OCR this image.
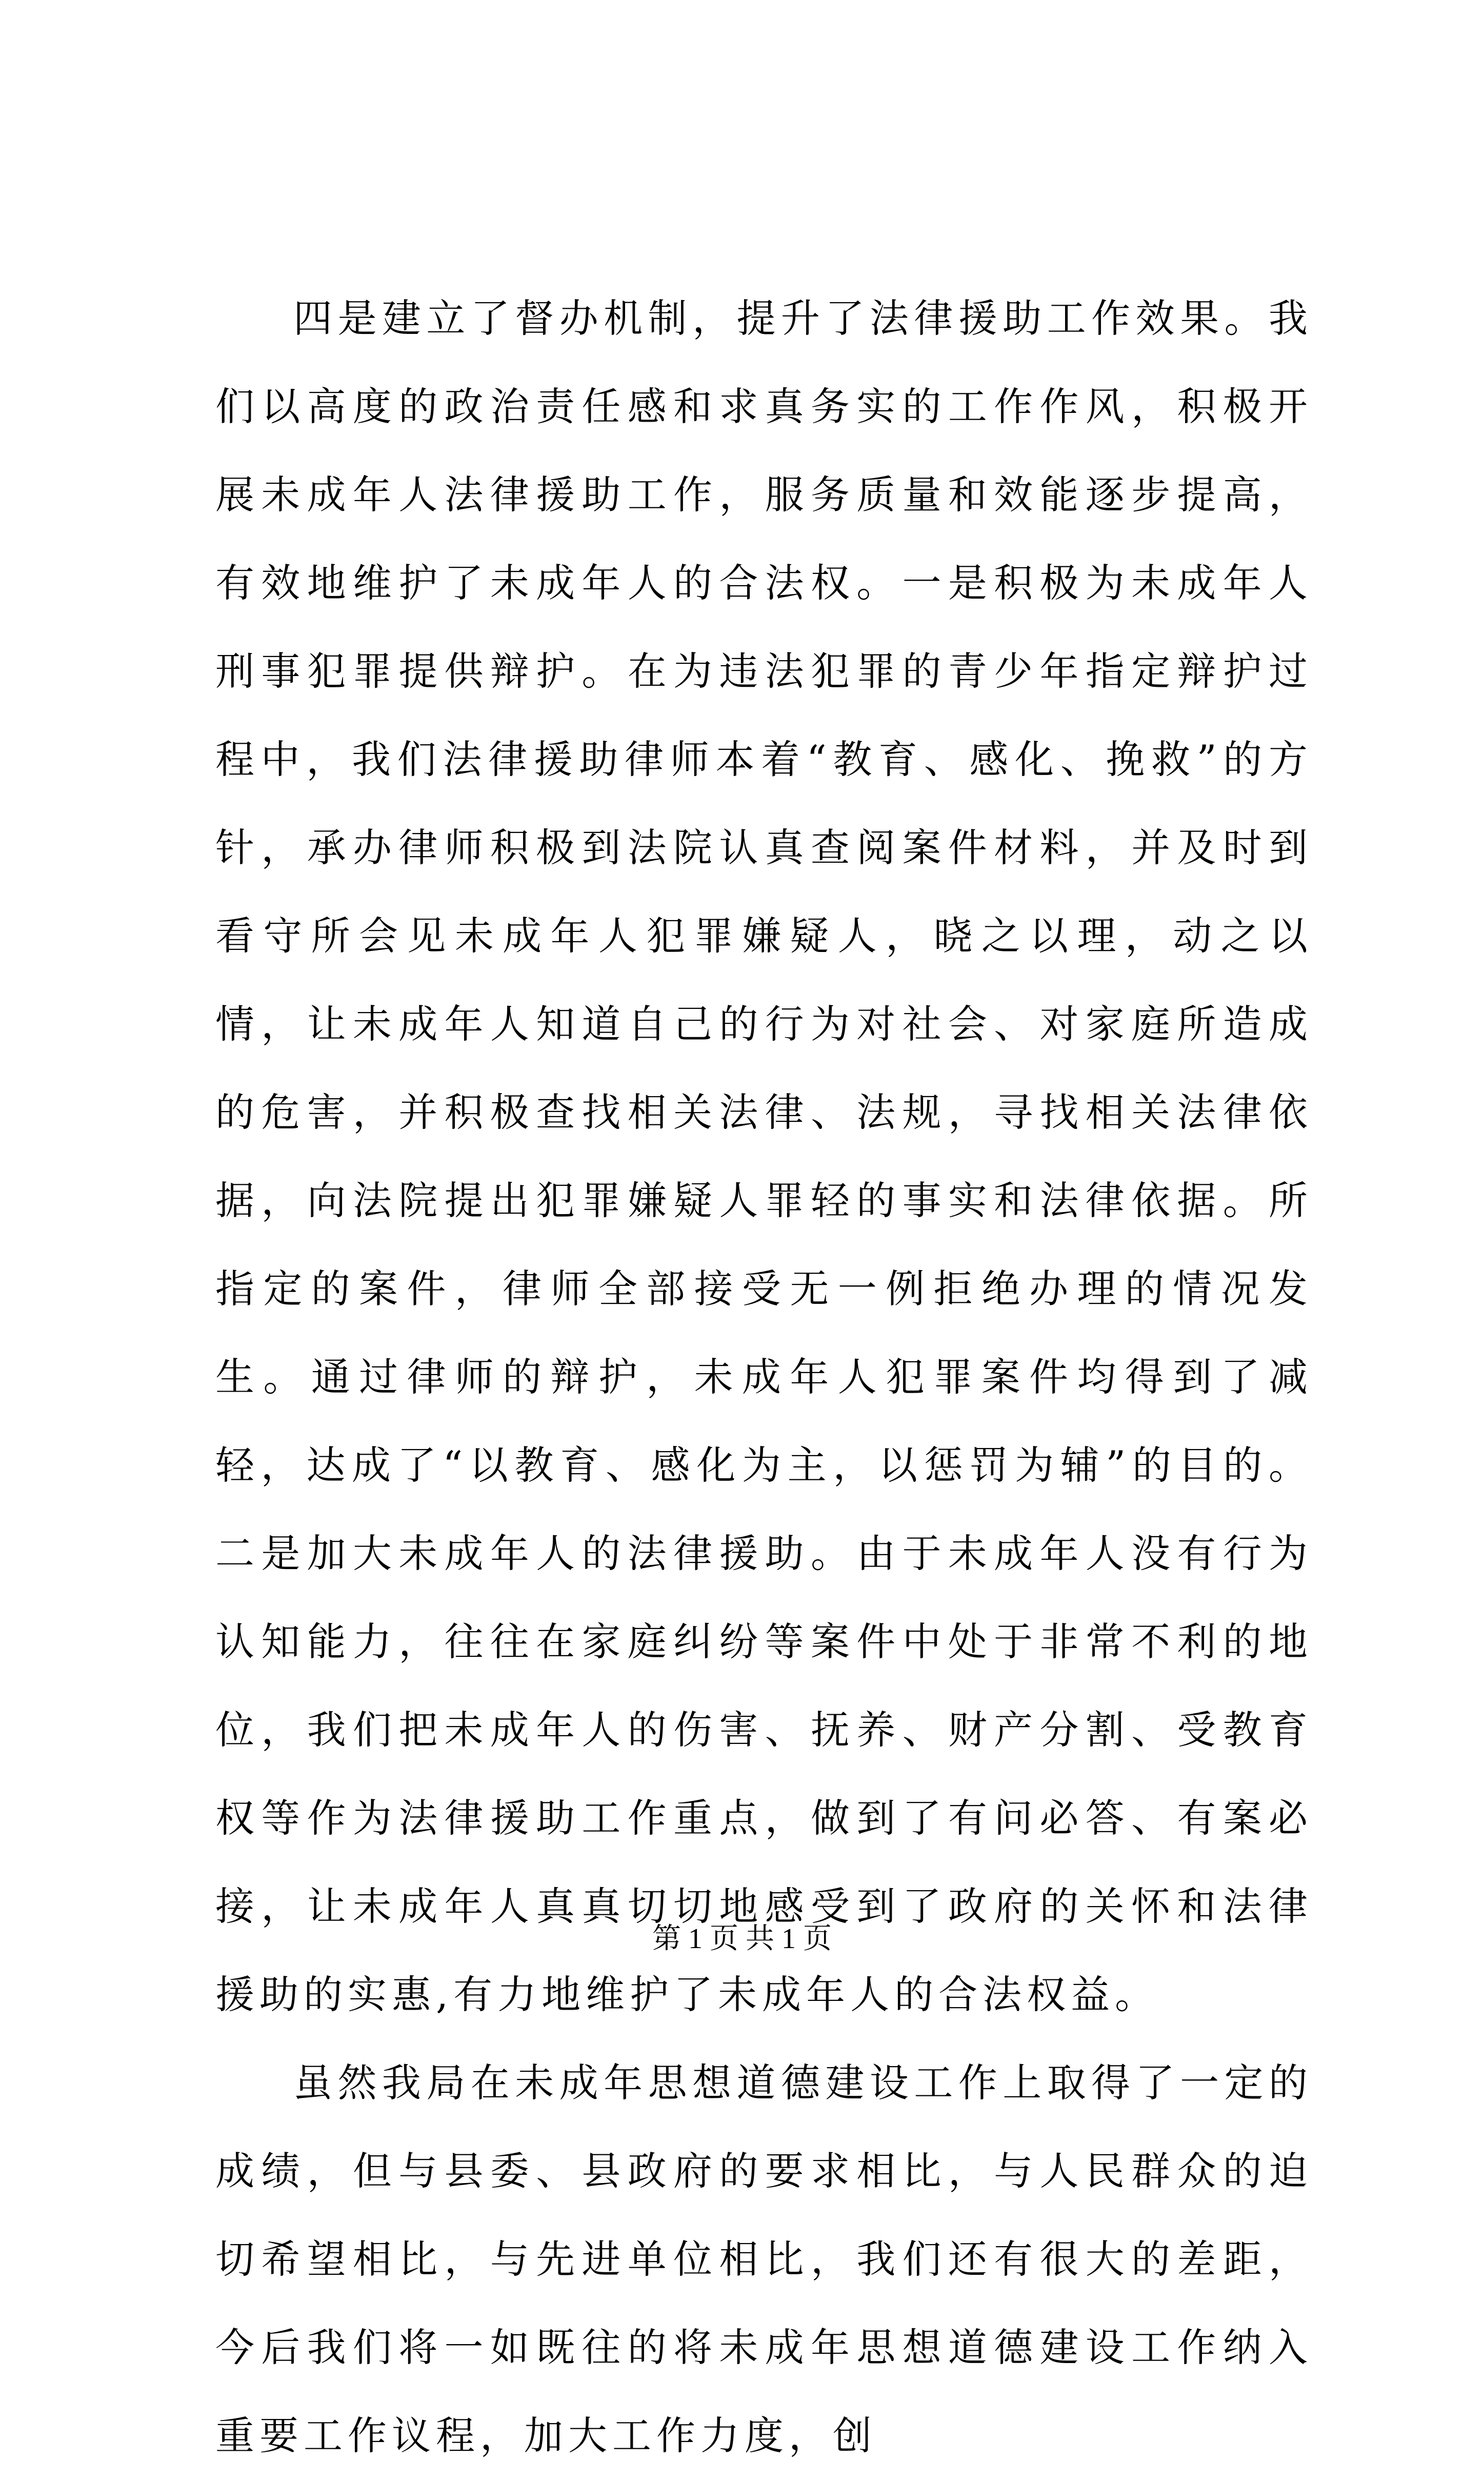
四是建立了督办机制，提升了法律援助工作效果。我们以高度的政治责任感和求真务实的工作作风，积极开展未成年人法律援助工作，服务质量和效能逐步提高，有效地维护了未成年人的合法权。一是积极为未成年人刑事犯罪提供辩护。在为违法犯罪的青少年指定辩护过程中，我们法律援助律师本着“教育、感化、挽救”的方针，承办律师积极到法院认真查阅案件材料，并及时到看守所会见未成年人犯罪嫌疑人，晓之以理，动之以情，让未成年人知道自己的行为对社会、对家庭所造成的危害，并积极查找相关法律、法规，寻找相关法律依据，向法院提出犯罪嫌疑人罪轻的事实和法律依据。所指定的案件，律师全部接受无一例拒绝办理的情况发生。通过律师的辩护，未成年人犯罪案件均得到了减轻，达成了“以教育、感化为主，以惩罚为辅”的目的。二是加大未成年人的法律援助。由于未成年人没有行为认知能力，往往在家庭纠纷等案件中处于非常不利的地位，我们把未成年人的伤害、抚养、财产分割、受教育权等作为法律援助工作重点，做到了有问必答、有案必接，让未成年人真真切切地感受到了政府的关怀和法律援助的实惠,有力地维护了未成年人的合法权益。

虽然我局在未成年思想道德建设工作上取得了一定的成绩，但与县委、县政府的要求相比，与人民群众的迫切希望相比，与先进单位相比，我们还有很大的差距，今后我们将一如既往的将未成年思想道德建设工作纳入重要工作议程，加大工作力度，创

第 1 页 共 1 页
